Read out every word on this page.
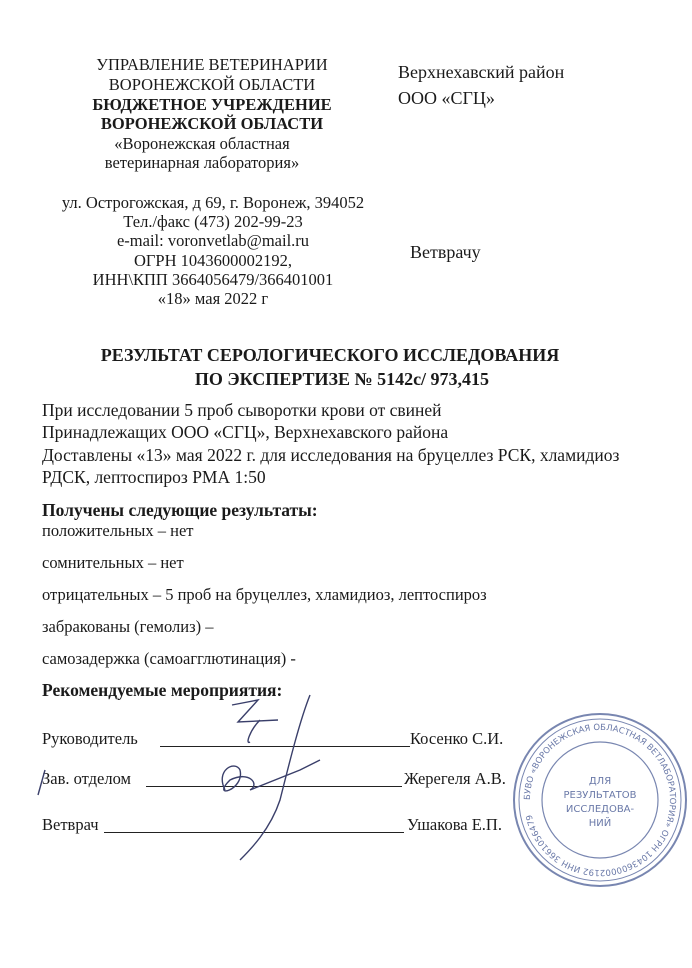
УПРАВЛЕНИЕ ВЕТЕРИНАРИИ
ВОРОНЕЖСКОЙ ОБЛАСТИ
БЮДЖЕТНОЕ УЧРЕЖДЕНИЕ
ВОРОНЕЖСКОЙ ОБЛАСТИ
«Воронежская областная
ветеринарная лаборатория»
ул. Острогожская, д 69, г. Воронеж, 394052
Тел./факс (473) 202-99-23
e-mail: voronvetlab@mail.ru
ОГРН 1043600002192,
ИНН\КПП 3664056479/366401001
«18» мая 2022 г
Верхнехавский район
ООО «СГЦ»
Ветврачу
РЕЗУЛЬТАТ СЕРОЛОГИЧЕСКОГО ИССЛЕДОВАНИЯ
ПО ЭКСПЕРТИЗЕ № 5142с/ 973,415
При исследовании 5 проб сыворотки крови от свиней
Принадлежащих ООО «СГЦ», Верхнехавского района
Доставлены «13» мая 2022 г. для исследования на бруцеллез РСК, хламидиоз
РДСК, лептоспироз РМА 1:50
Получены следующие результаты:
положительных – нет
сомнительных – нет
отрицательных – 5 проб на бруцеллез, хламидиоз, лептоспироз
забракованы (гемолиз) –
самозадержка (самоагглютинация) -
Рекомендуемые мероприятия:
БУВО «ВОРОНЕЖСКАЯ ОБЛАСТНАЯ ВЕТЛАБОРАТОРИЯ» ОГРН 1043600002192 ИНН 3661056479
ДЛЯ
РЕЗУЛЬТАТОВ
ИССЛЕДОВА-
НИЙ
Руководитель	Косенко С.И.
Зав. отделом	Жерегеля А.В.
Ветврач	Ушакова Е.П.
